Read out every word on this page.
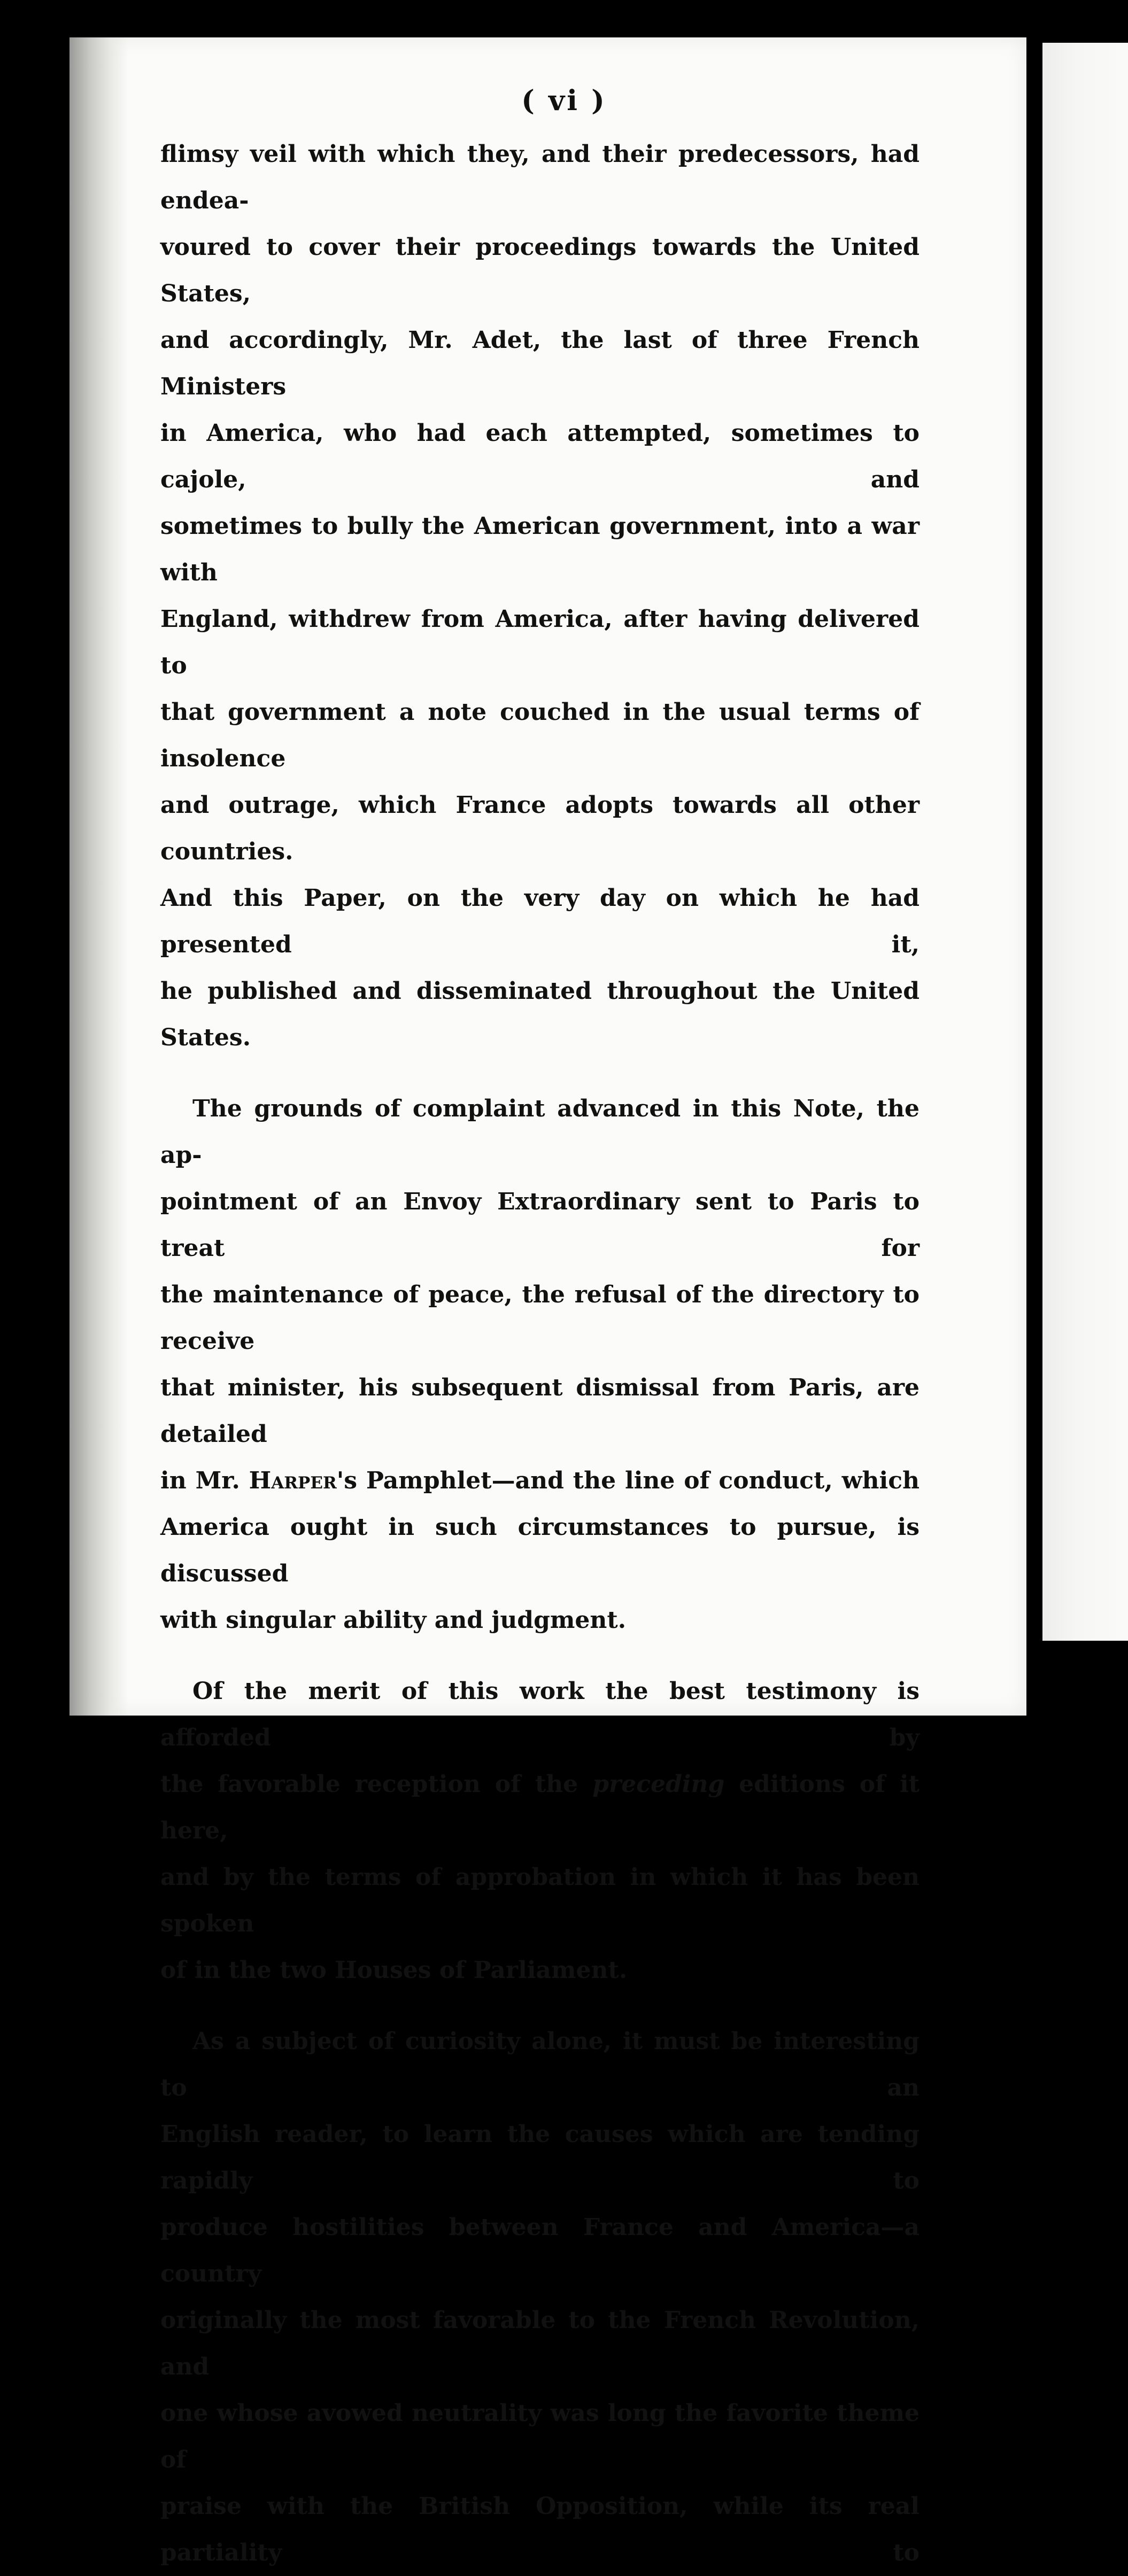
( vi )
flimsy veil with which they, and their predecessors, had endea-
voured to cover their proceedings towards the United States,
and accordingly, Mr. Adet, the last of three French Ministers
in America, who had each attempted, sometimes to cajole, and
sometimes to bully the American government, into a war with
England, withdrew from America, after having delivered to
that government a note couched in the usual terms of insolence
and outrage, which France adopts towards all other countries.
And this Paper, on the very day on which he had presented it,
he published and disseminated throughout the United States.
The grounds of complaint advanced in this Note, the ap-
pointment of an Envoy Extraordinary sent to Paris to treat for
the maintenance of peace, the refusal of the directory to receive
that minister, his subsequent dismissal from Paris, are detailed
in Mr. Harper's Pamphlet—and the line of conduct, which
America ought in such circumstances to pursue, is discussed
with singular ability and judgment.
Of the merit of this work the best testimony is afforded by
the favorable reception of the preceding editions of it here,
and by the terms of approbation in which it has been spoken
of in the two Houses of Parliament.
As a subject of curiosity alone, it must be interesting to an
English reader, to learn the causes which are tending rapidly to
produce hostilities between France and America—a country
originally the most favorable to the French Revolution, and
one whose avowed neutrality was long the favorite theme of
praise with the British Opposition, while its real partiality to
